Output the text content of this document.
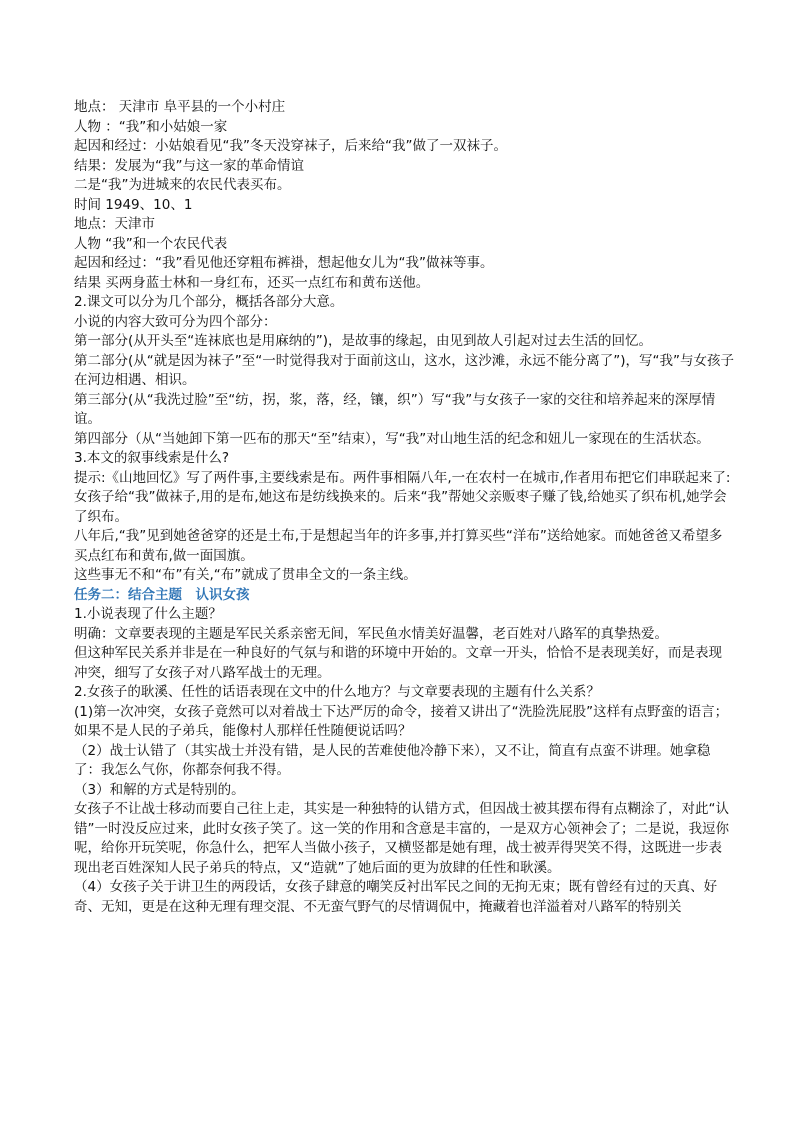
地点： 天津市 阜平县的一个小村庄

人物 ：“我”和小姑娘一家

起因和经过：小姑娘看见“我”冬天没穿袜子，后来给“我”做了一双袜子。

结果：发展为“我”与这一家的革命情谊

二是“我”为进城来的农民代表买布。

时间 1949、10、1

地点：天津市

人物 “我”和一个农民代表

起因和经过：“我”看见他还穿粗布裤褂，想起他女儿为“我”做袜等事。

结果 买两身蓝士林和一身红布，还买一点红布和黄布送他。

2.课文可以分为几个部分，概括各部分大意。

小说的内容大致可分为四个部分：

第一部分(从开头至“连袜底也是用麻纳的”)，是故事的缘起，由见到故人引起对过去生活的回忆。

第二部分(从“就是因为袜子”至“一时觉得我对于面前这山，这水，这沙滩，永远不能分离了”)，写“我”与女孩子在河边相遇、相识。

第三部分(从“我洗过脸”至“纺，拐，浆，落，经，镶，织”）写“我”与女孩子一家的交往和培养起来的深厚情谊。

第四部分（从“当她卸下第一匹布的那天“至”结束），写“我”对山地生活的纪念和妞儿一家现在的生活状态。

3.本文的叙事线索是什么?

提示:《山地回忆》写了两件事,主要线索是布。两件事相隔八年,一在农村一在城市,作者用布把它们串联起来了:

女孩子给“我”做袜子,用的是布,她这布是纺线换来的。后来“我”帮她父亲贩枣子赚了钱,给她买了织布机,她学会了织布。

八年后,“我”见到她爸爸穿的还是土布,于是想起当年的许多事,并打算买些“洋布”送给她家。而她爸爸又希望多买点红布和黄布,做一面国旗。

这些事无不和“布”有关,“布”就成了贯串全文的一条主线。

任务二：结合主题　认识女孩

1.小说表现了什么主题？

明确：文章要表现的主题是军民关系亲密无间，军民鱼水情美好温馨，老百姓对八路军的真挚热爱。

但这种军民关系并非是在一种良好的气氛与和谐的环境中开始的。文章一开头，恰恰不是表现美好，而是表现冲突，细写了女孩子对八路军战士的无理。

2.女孩子的耿溪、任性的话语表现在文中的什么地方？与文章要表现的主题有什么关系？

(1)第一次冲突，女孩子竟然可以对着战士下达严厉的命令，接着又讲出了“洗脸洗屁股”这样有点野蛮的语言；如果不是人民的子弟兵，能像村人那样任性随便说话吗？

（2）战士认错了（其实战士并没有错，是人民的苦难使他冷静下来），又不让，简直有点蛮不讲理。她拿稳了：我怎么气你，你都奈何我不得。

（3）和解的方式是特别的。

女孩子不让战士移动而要自己往上走，其实是一种独特的认错方式，但因战士被其摆布得有点糊涂了，对此“认错”一时没反应过来，此时女孩子笑了。这一笑的作用和含意是丰富的，一是双方心领神会了；二是说，我逗你呢，给你开玩笑呢，你急什么，把军人当做小孩子，又横竖都是她有理，战士被弄得哭笑不得，这既进一步表现出老百姓深知人民子弟兵的特点，又“造就”了她后面的更为放肆的任性和耿溪。

（4）女孩子关于讲卫生的两段话，女孩子肆意的嘲笑反衬出军民之间的无拘无束；既有曾经有过的天真、好奇、无知，更是在这种无理有理交混、不无蛮气野气的尽情调侃中，掩藏着也洋溢着对八路军的特别关
